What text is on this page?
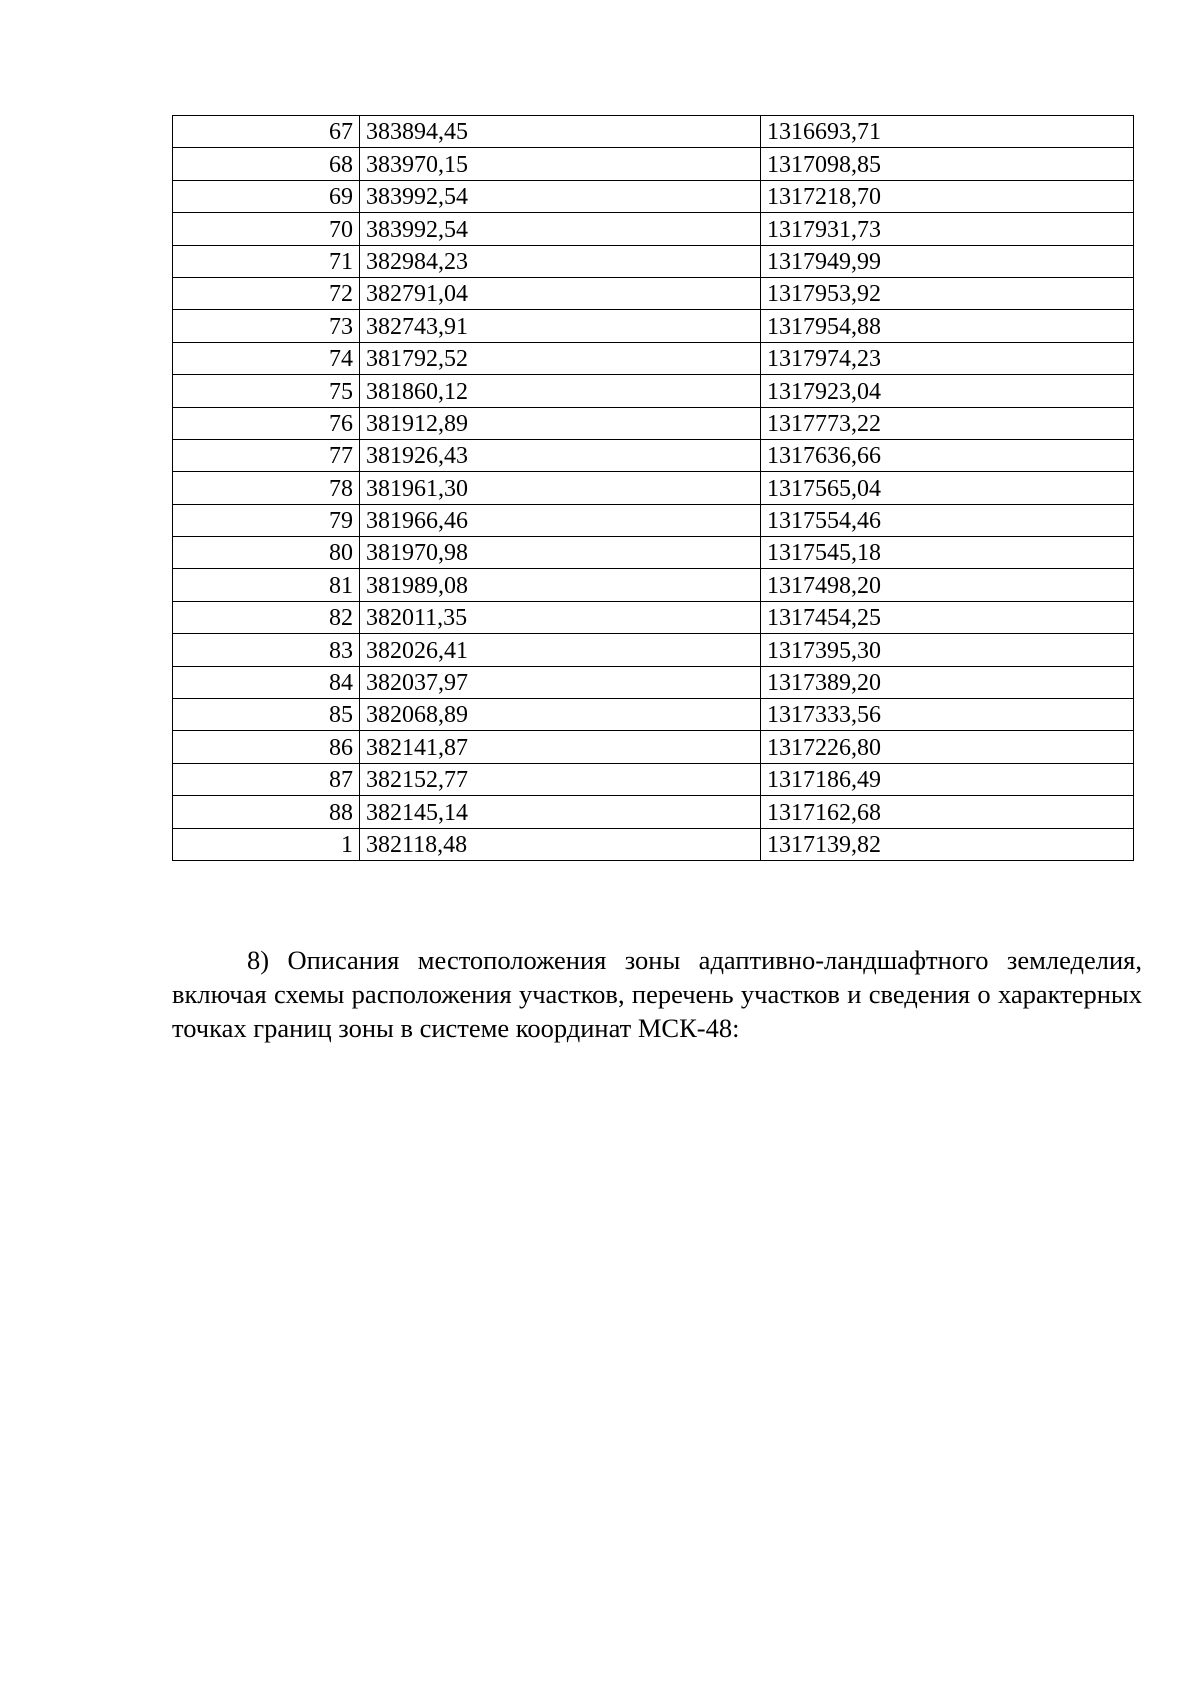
67	383894,45	1316693,71
68	383970,15	1317098,85
69	383992,54	1317218,70
70	383992,54	1317931,73
71	382984,23	1317949,99
72	382791,04	1317953,92
73	382743,91	1317954,88
74	381792,52	1317974,23
75	381860,12	1317923,04
76	381912,89	1317773,22
77	381926,43	1317636,66
78	381961,30	1317565,04
79	381966,46	1317554,46
80	381970,98	1317545,18
81	381989,08	1317498,20
82	382011,35	1317454,25
83	382026,41	1317395,30
84	382037,97	1317389,20
85	382068,89	1317333,56
86	382141,87	1317226,80
87	382152,77	1317186,49
88	382145,14	1317162,68
1	382118,48	1317139,82

8) Описания местоположения зоны адаптивно-ландшафтного земледелия, включая схемы расположения участков, перечень участков и сведения о характерных точках границ зоны в системе координат МСК-48:
